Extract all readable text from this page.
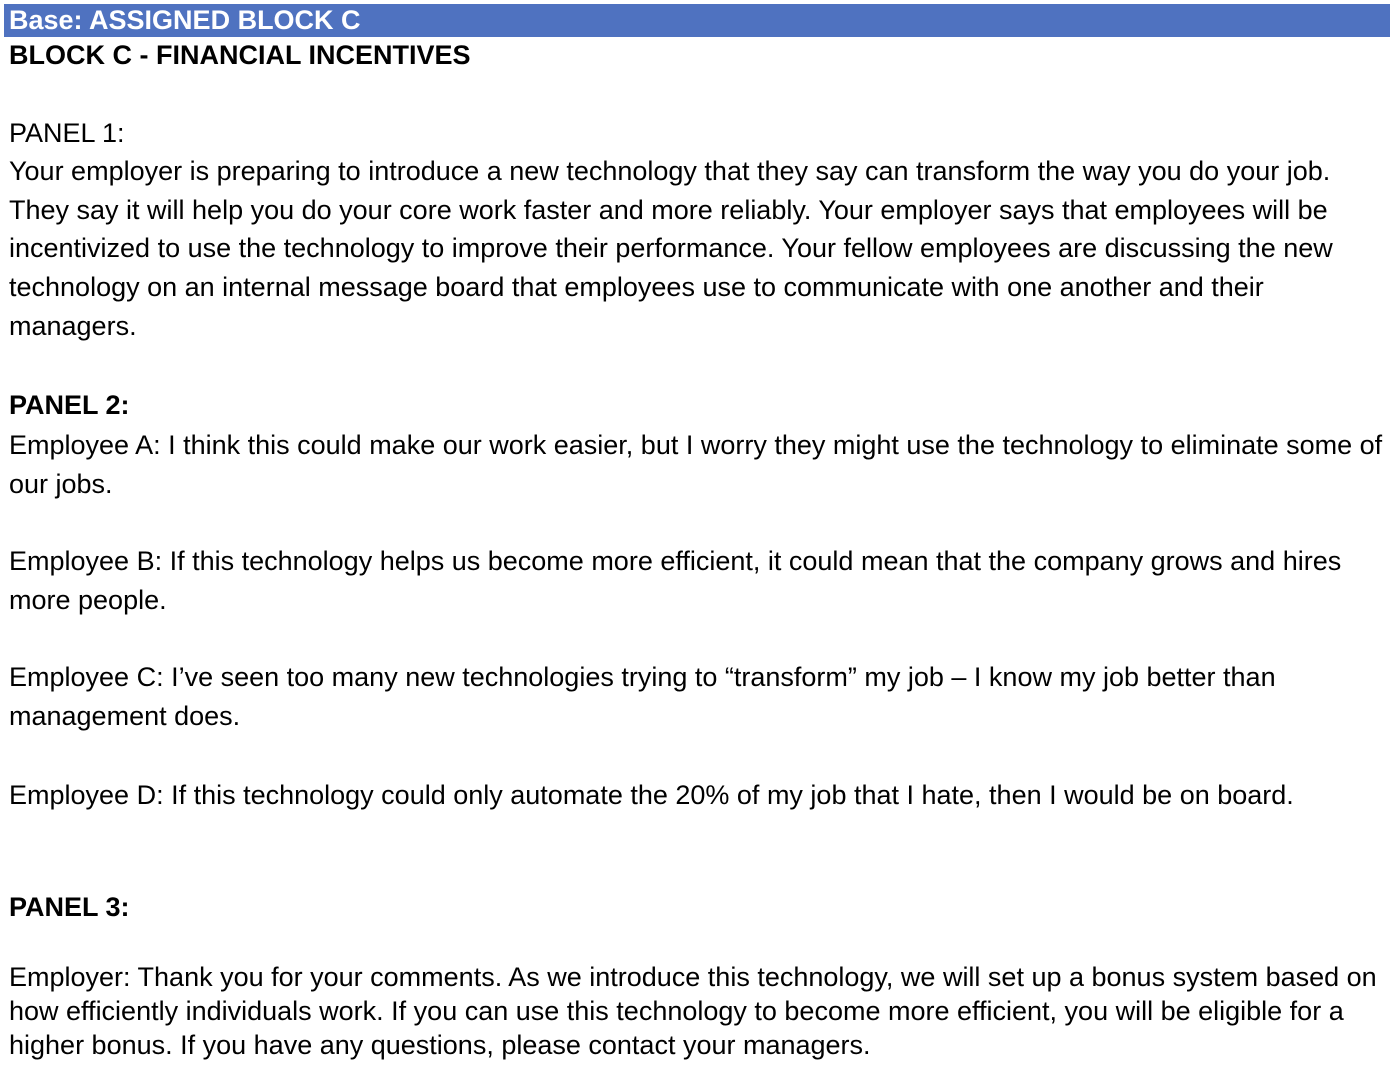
Base: ASSIGNED BLOCK C
BLOCK C - FINANCIAL INCENTIVES
PANEL 1:

Your employer is preparing to introduce a new technology that they say can transform the way you do your job. They say it will help you do your core work faster and more reliably. Your employer says that employees will be incentivized to use the technology to improve their performance. Your fellow employees are discussing the new technology on an internal message board that employees use to communicate with one another and their managers.

PANEL 2:

Employee A: I think this could make our work easier, but I worry they might use the technology to eliminate some of our jobs.

Employee B: If this technology helps us become more efficient, it could mean that the company grows and hires more people.

Employee C: I’ve seen too many new technologies trying to “transform” my job – I know my job better than management does.

Employee D: If this technology could only automate the 20% of my job that I hate, then I would be on board.

PANEL 3:

Employer: Thank you for your comments. As we introduce this technology, we will set up a bonus system based on how efficiently individuals work. If you can use this technology to become more efficient, you will be eligible for a higher bonus. If you have any questions, please contact your managers.
